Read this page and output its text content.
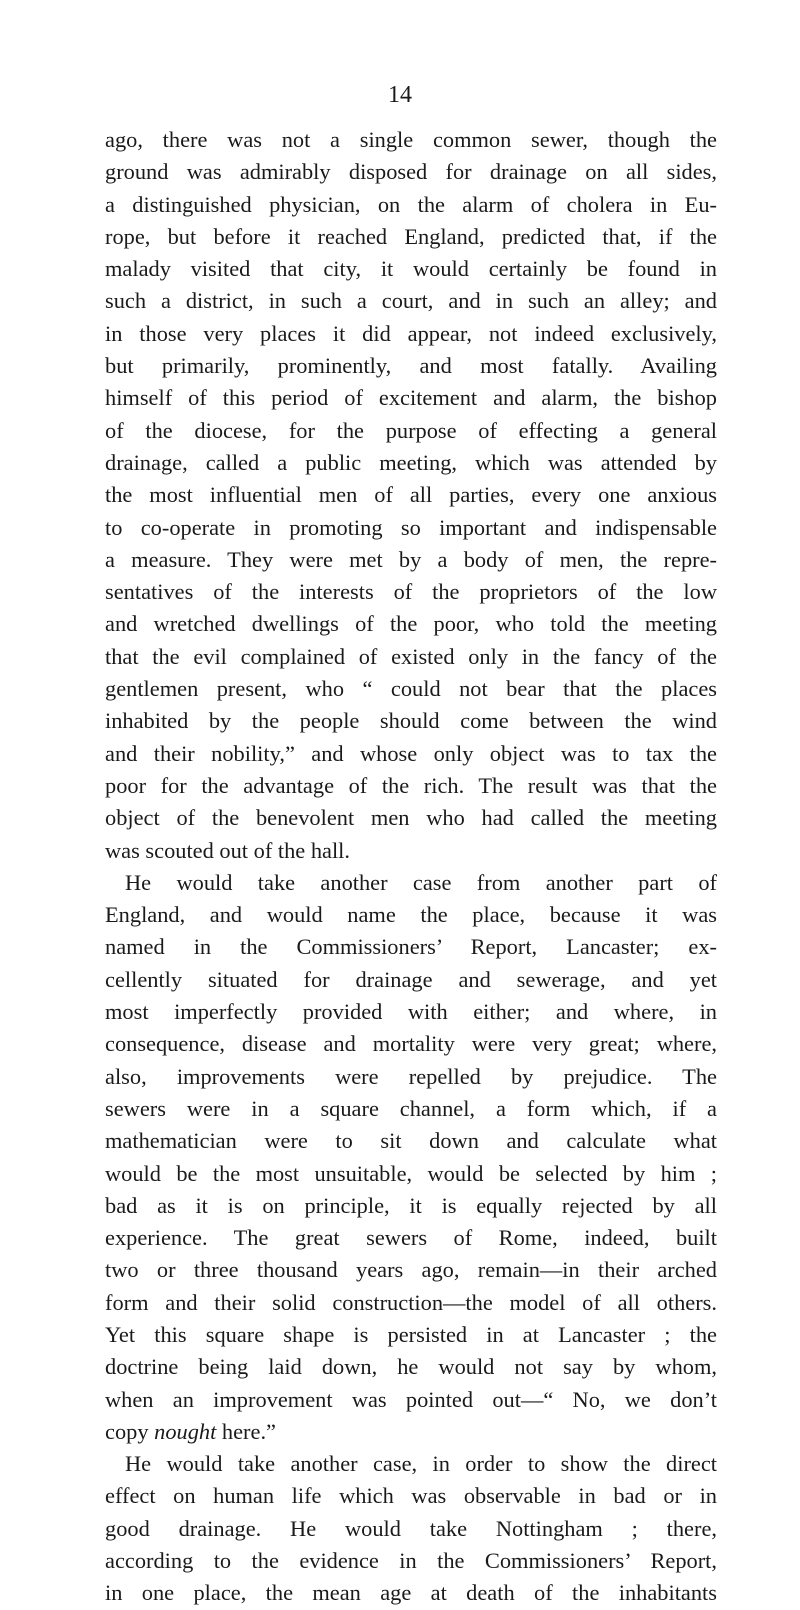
14
ago, there was not a single common sewer, though the
ground was admirably disposed for drainage on all sides,
a distinguished physician, on the alarm of cholera in Eu-
rope, but before it reached England, predicted that, if the
malady visited that city, it would certainly be found in
such a district, in such a court, and in such an alley; and
in those very places it did appear, not indeed exclusively,
but primarily, prominently, and most fatally. Availing
himself of this period of excitement and alarm, the bishop
of the diocese, for the purpose of effecting a general
drainage, called a public meeting, which was attended by
the most influential men of all parties, every one anxious
to co-operate in promoting so important and indispensable
a measure. They were met by a body of men, the repre-
sentatives of the interests of the proprietors of the low
and wretched dwellings of the poor, who told the meeting
that the evil complained of existed only in the fancy of the
gentlemen present, who “ could not bear that the places
inhabited by the people should come between the wind
and their nobility,” and whose only object was to tax the
poor for the advantage of the rich. The result was that the
object of the benevolent men who had called the meeting
was scouted out of the hall.
He would take another case from another part of
England, and would name the place, because it was
named in the Commissioners’ Report, Lancaster; ex-
cellently situated for drainage and sewerage, and yet
most imperfectly provided with either; and where, in
consequence, disease and mortality were very great; where,
also, improvements were repelled by prejudice. The
sewers were in a square channel, a form which, if a
mathematician were to sit down and calculate what
would be the most unsuitable, would be selected by him ;
bad as it is on principle, it is equally rejected by all
experience. The great sewers of Rome, indeed, built
two or three thousand years ago, remain—in their arched
form and their solid construction—the model of all others.
Yet this square shape is persisted in at Lancaster ; the
doctrine being laid down, he would not say by whom,
when an improvement was pointed out—“ No, we don’t
copy nought here.”
He would take another case, in order to show the direct
effect on human life which was observable in bad or in
good drainage. He would take Nottingham ; there,
according to the evidence in the Commissioners’ Report,
in one place, the mean age at death of the inhabitants
